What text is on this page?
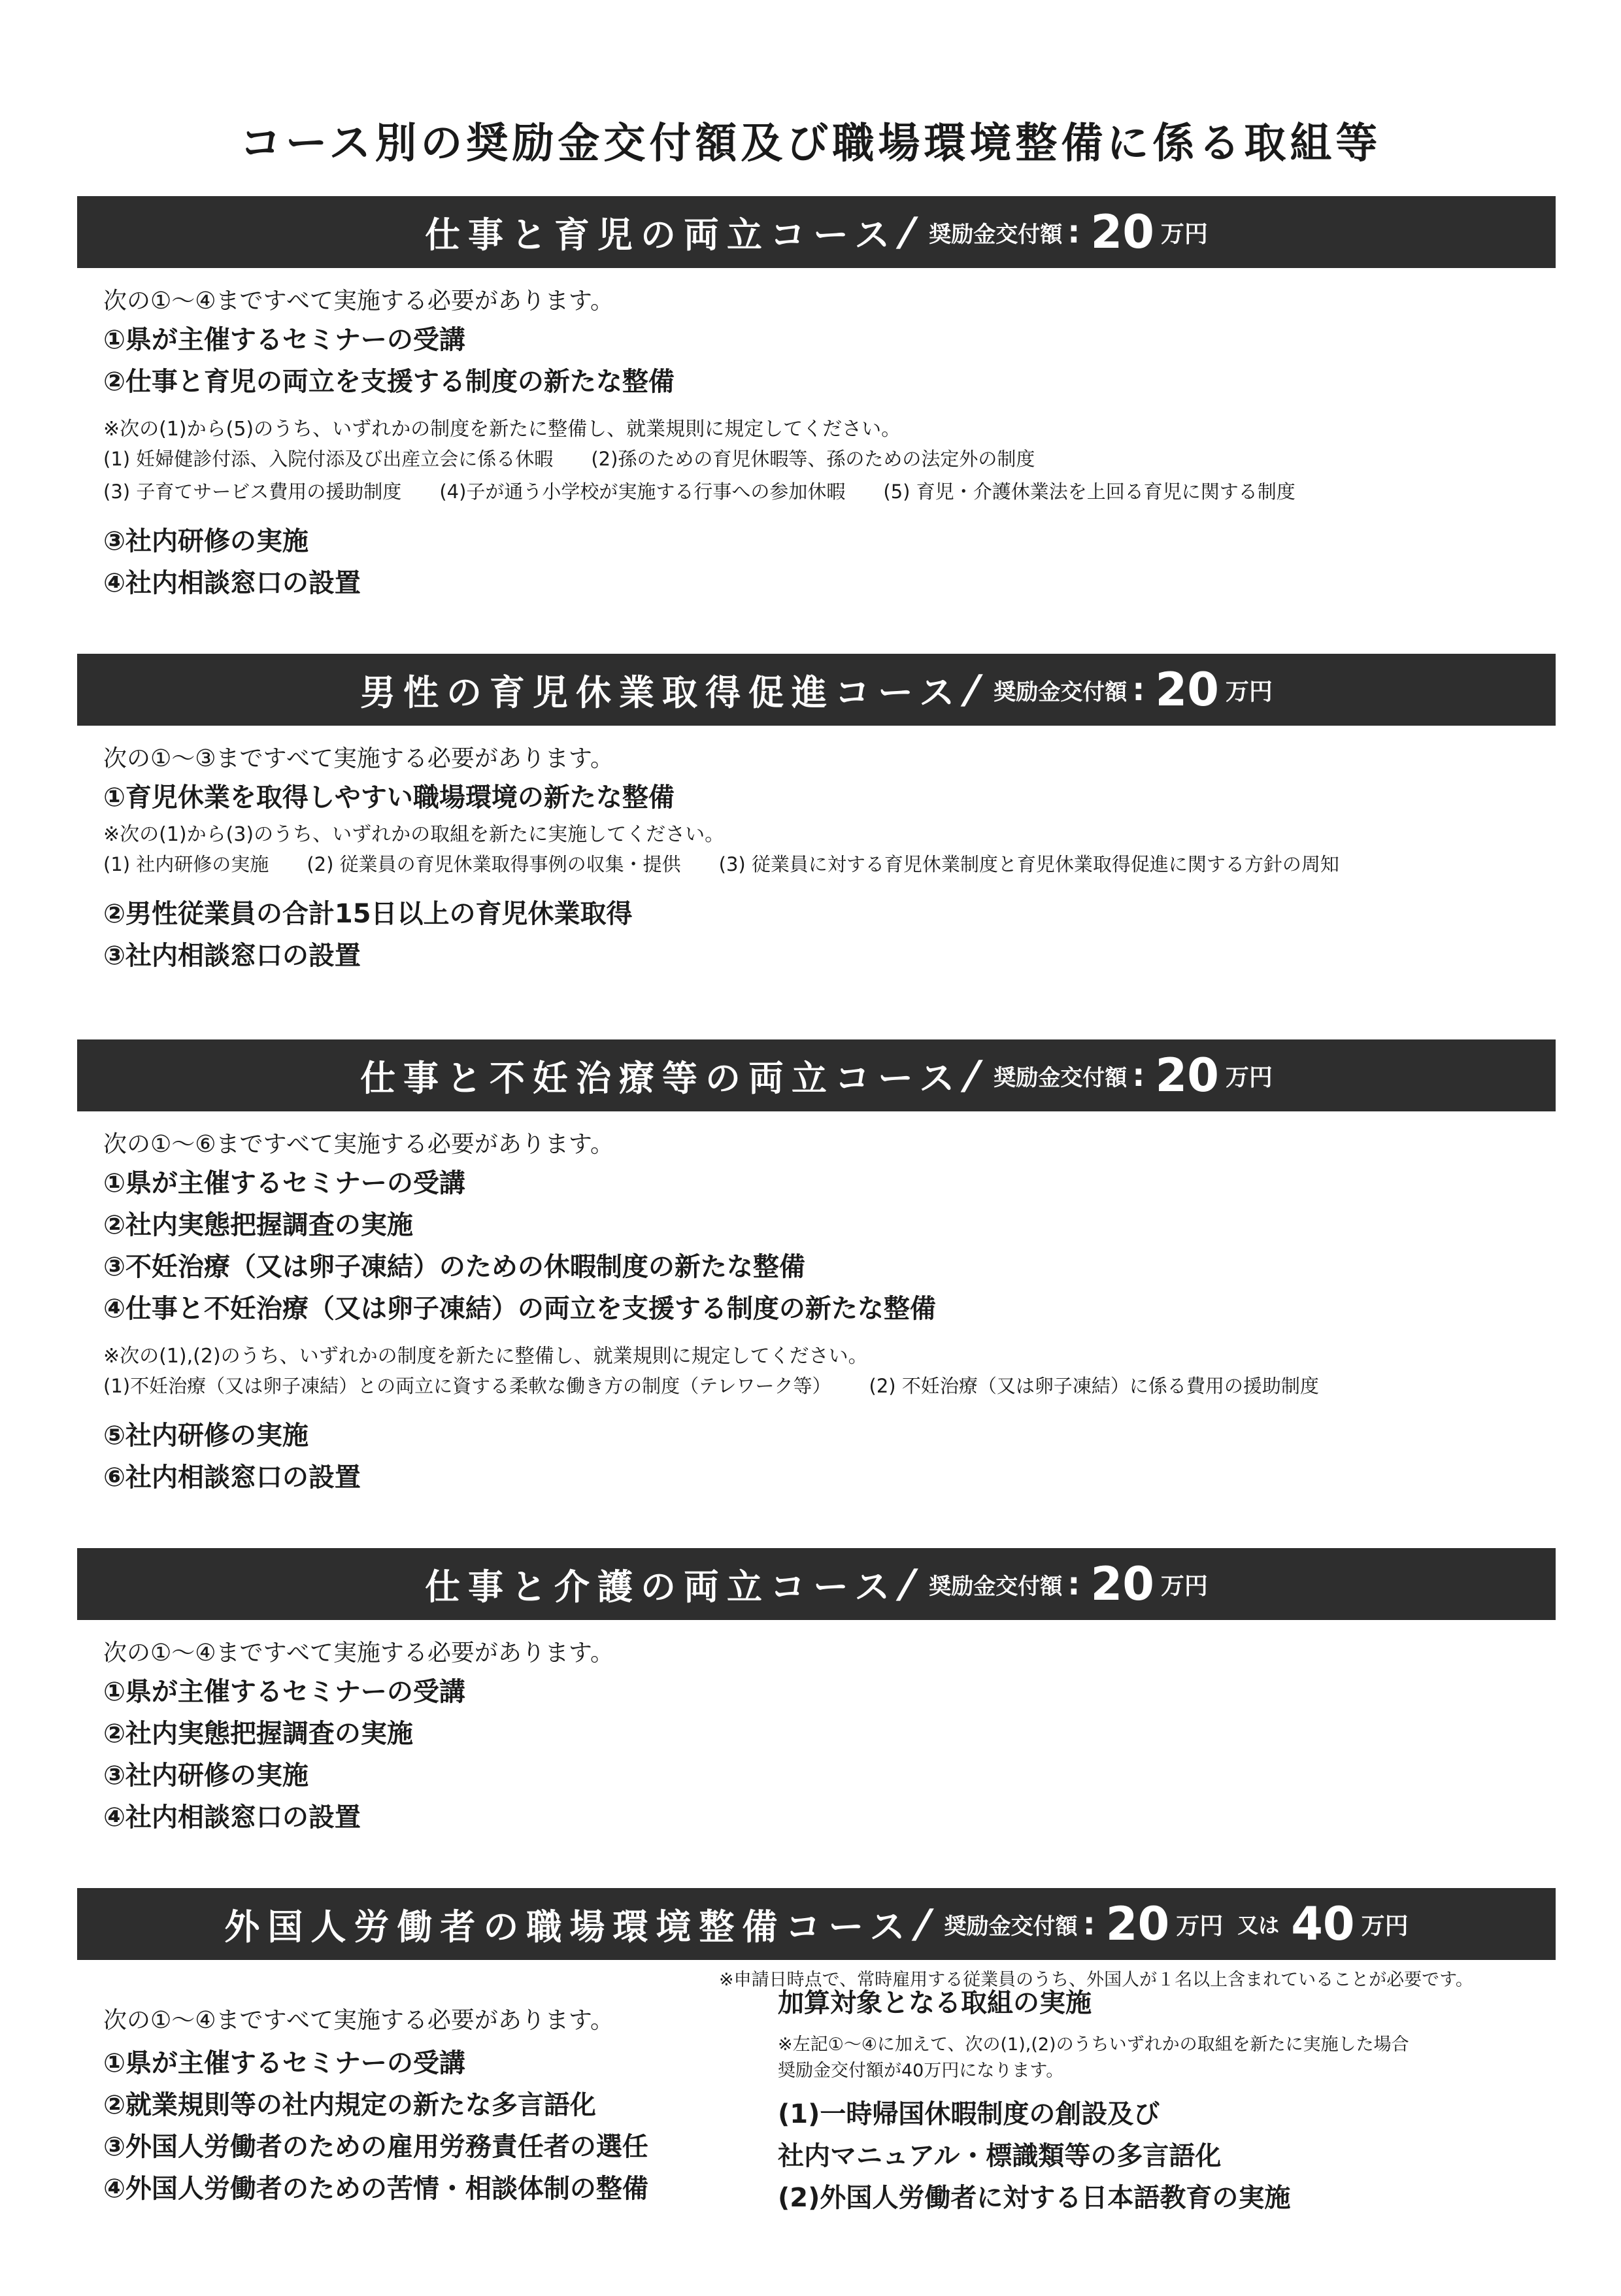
コース別の奨励金交付額及び職場環境整備に係る取組等
仕事と育児の両立コース
/ 奨励金交付額 : 20 万円
次の①～④まですべて実施する必要があります。
①県が主催するセミナーの受講
②仕事と育児の両立を支援する制度の新たな整備
※次の(1)から(5)のうち、いずれかの制度を新たに整備し、就業規則に規定してください。
(1) 妊婦健診付添、入院付添及び出産立会に係る休暇 (2)孫のための育児休暇等、孫のための法定外の制度
(3) 子育てサービス費用の援助制度 (4)子が通う小学校が実施する行事への参加休暇 (5) 育児・介護休業法を上回る育児に関する制度
③社内研修の実施
④社内相談窓口の設置
男性の育児休業取得促進コース
/ 奨励金交付額 : 20 万円
次の①～③まですべて実施する必要があります。
①育児休業を取得しやすい職場環境の新たな整備
※次の(1)から(3)のうち、いずれかの取組を新たに実施してください。
(1) 社内研修の実施 (2) 従業員の育児休業取得事例の収集・提供 (3) 従業員に対する育児休業制度と育児休業取得促進に関する方針の周知
②男性従業員の合計15日以上の育児休業取得
③社内相談窓口の設置
仕事と不妊治療等の両立コース
/ 奨励金交付額 : 20 万円
次の①～⑥まですべて実施する必要があります。
①県が主催するセミナーの受講
②社内実態把握調査の実施
③不妊治療（又は卵子凍結）のための休暇制度の新たな整備
④仕事と不妊治療（又は卵子凍結）の両立を支援する制度の新たな整備
※次の(1),(2)のうち、いずれかの制度を新たに整備し、就業規則に規定してください。
(1)不妊治療（又は卵子凍結）との両立に資する柔軟な働き方の制度（テレワーク等） (2) 不妊治療（又は卵子凍結）に係る費用の援助制度
⑤社内研修の実施
⑥社内相談窓口の設置
仕事と介護の両立コース
/ 奨励金交付額 : 20 万円
次の①～④まですべて実施する必要があります。
①県が主催するセミナーの受講
②社内実態把握調査の実施
③社内研修の実施
④社内相談窓口の設置
外国人労働者の職場環境整備コース
/ 奨励金交付額 : 20 万円 又は 40 万円
※申請日時点で、常時雇用する従業員のうち、外国人が１名以上含まれていることが必要です。
次の①～④まですべて実施する必要があります。
①県が主催するセミナーの受講
②就業規則等の社内規定の新たな多言語化
③外国人労働者のための雇用労務責任者の選任
④外国人労働者のための苦情・相談体制の整備
加算対象となる取組の実施
※左記①～④に加えて、次の(1),(2)のうちいずれかの取組を新たに実施した場合
奨励金交付額が40万円になります。
(1)一時帰国休暇制度の創設及び
社内マニュアル・標識類等の多言語化
(2)外国人労働者に対する日本語教育の実施
